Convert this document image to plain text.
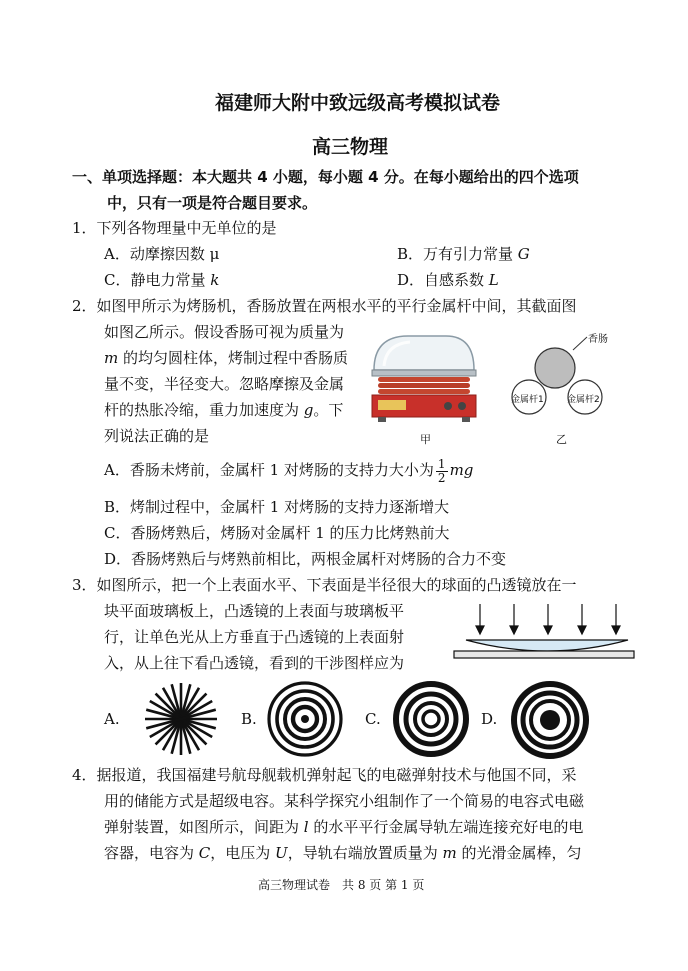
福建师大附中致远级高考模拟试卷
高三物理
一、单项选择题：本大题共 4 小题，每小题 4 分。在每小题给出的四个选项
中，只有一项是符合题目要求。
1．下列各物理量中无单位的是
A．动摩擦因数 μ	B．万有引力常量 G
C．静电力常量 k	D．自感系数 L
2．如图甲所示为烤肠机，香肠放置在两根水平的平行金属杆中间，其截面图
如图乙所示。假设香肠可视为质量为
m 的均匀圆柱体，烤制过程中香肠质
量不变，半径变大。忽略摩擦及金属
杆的热胀冷缩，重力加速度为 g。下
列说法正确的是	甲
香肠
金属杆1	金属杆2
乙
A．香肠未烤前，金属杆 1 对烤肠的支持力大小为 $\frac{1}{2}$ mg
B．烤制过程中，金属杆 1 对烤肠的支持力逐渐增大
C．香肠烤熟后，烤肠对金属杆 1 的压力比烤熟前大
D．香肠烤熟后与烤熟前相比，两根金属杆对烤肠的合力不变
3．如图所示，把一个上表面水平、下表面是半径很大的球面的凸透镜放在一
块平面玻璃板上，凸透镜的上表面与玻璃板平
行，让单色光从上方垂直于凸透镜的上表面射
入，从上往下看凸透镜，看到的干涉图样应为
A.	B.	C.	D.
4．据报道，我国福建号航母舰载机弹射起飞的电磁弹射技术与他国不同，采
用的储能方式是超级电容。某科学探究小组制作了一个简易的电容式电磁
弹射装置，如图所示，间距为 l 的水平平行金属导轨左端连接充好电的电
容器，电容为 C，电压为 U，导轨右端放置质量为 m 的光滑金属棒，匀
高三物理试卷　共 8 页 第 1 页
